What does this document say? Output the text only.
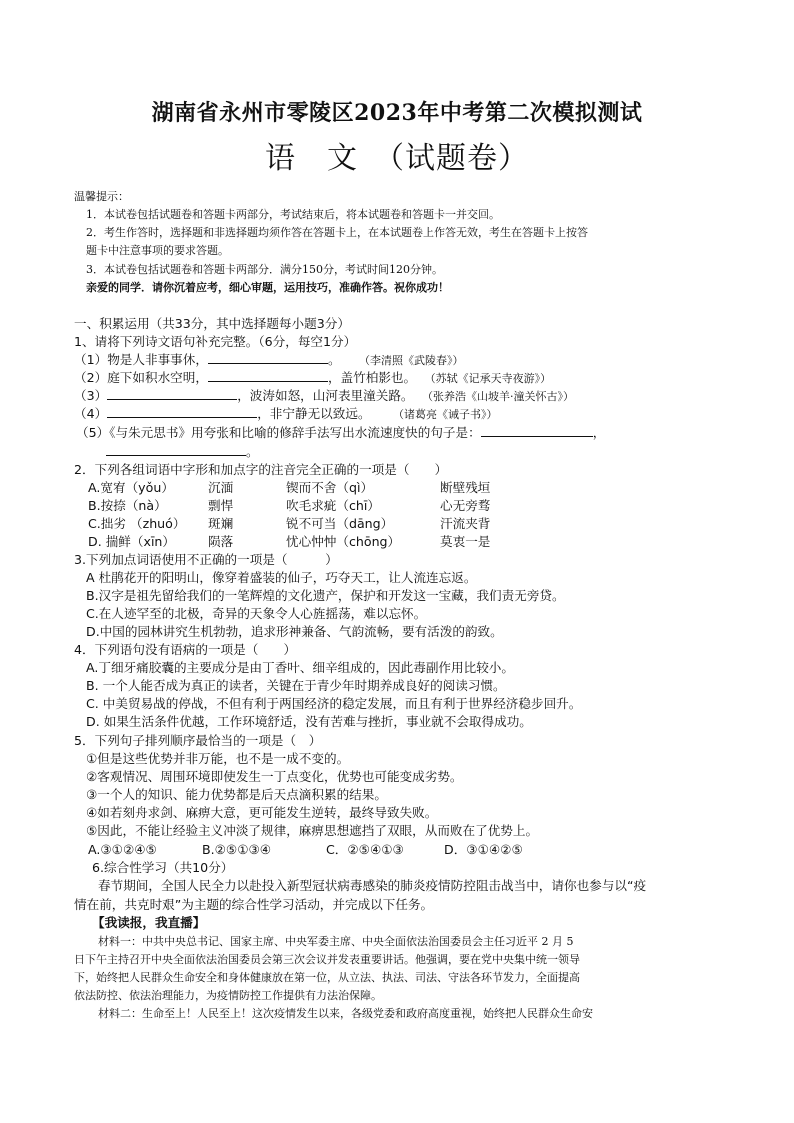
湖南省永州市零陵区2023年中考第二次模拟测试
语　文　（试题卷）
温馨提示：
1．本试卷包括试题卷和答题卡两部分，考试结束后，将本试题卷和答题卡一并交回。
2．考生作答时，选择题和非选择题均须作答在答题卡上，在本试题卷上作答无效，考生在答题卡上按答
题卡中注意事项的要求答题。
3．本试卷包括试题卷和答题卡两部分．满分150分，考试时间120分钟。
亲爱的同学．请你沉着应考，细心审题，运用技巧，准确作答。祝你成功！
一、积累运用（共33分，其中选择题每小题3分）
1、请将下列诗文语句补充完整。（6分，每空1分）
（1）物是人非事事休，	。 （李清照《武陵春》）
（2）庭下如积水空明，	，盖竹柏影也。 （苏轼《记承天寺夜游》）
（3）	，波涛如怒，山河表里潼关路。 （张养浩《山坡羊·潼关怀古》）
（4）	，非宁静无以致远。	（诸葛亮《诫子书》）
（5）《与朱元思书》用夸张和比喻的修辞手法写出水流速度快的句子是：	，
。
2．下列各组词语中字形和加点字的注音完全正确的一项是（　　）
A.宽宥（yǒu）	沉湎	锲而不舍（qì）	断壁残垣
B.按捺（nà）	剽悍	吹毛求疵（chī）	心无旁骛
C.拙劣 （zhuó） 斑斓	锐不可当（dāng）	汗流夹背
D. 揣鲜（xīn）	陨落	忧心忡忡（chōng）	莫衷一是
3.下列加点词语使用不正确的一项是（　　　）
A 杜鹃花开的阳明山，像穿着盛装的仙子，巧夺天工，让人流连忘返。
B.汉字是祖先留给我们的一笔辉煌的文化遗产，保护和开发这一宝藏，我们责无旁贷。
C.在人迹罕至的北极，奇异的天象令人心旌摇荡，难以忘怀。
D.中国的园林讲究生机勃勃，追求形神兼备、气韵流畅，要有活泼的韵致。
4．下列语句没有语病的一项是（　　）
A.丁细牙痛胶囊的主要成分是由丁香叶、细辛组成的，因此毒副作用比较小。
B. 一个人能否成为真正的读者，关键在于青少年时期养成良好的阅读习惯。
C. 中美贸易战的停战，不但有利于两国经济的稳定发展，而且有利于世界经济稳步回升。
D. 如果生活条件优越，工作环境舒适，没有苦难与挫折，事业就不会取得成功。
5．下列句子排列顺序最恰当的一项是（　）
①但是这些优势并非万能，也不是一成不变的。
②客观情况、周围环境即使发生一丁点变化，优势也可能变成劣势。
③一个人的知识、能力优势都是后天点滴积累的结果。
④如若刻舟求剑、麻痹大意，更可能发生逆转，最终导致失败。
⑤因此，不能让经验主义冲淡了规律，麻痹思想遮挡了双眼，从而败在了优势上。
A.③①②④⑤	B.②⑤①③④	C．②⑤④①③	D．③①④②⑤
6.综合性学习（共10分）
春节期间，全国人民全力以赴投入新型冠状病毒感染的肺炎疫情防控阻击战当中，请你也参与以“疫
情在前，共克时艰”为主题的综合性学习活动，并完成以下任务。
【我读报，我直播】
材料一：中共中央总书记、国家主席、中央军委主席、中央全面依法治国委员会主任习近平 2 月 5
日下午主持召开中央全面依法治国委员会第三次会议并发表重要讲话。他强调，要在党中央集中统一领导
下，始终把人民群众生命安全和身体健康放在第一位，从立法、执法、司法、守法各环节发力，全面提高
依法防控、依法治理能力，为疫情防控工作提供有力法治保障。
材料二：生命至上！人民至上！这次疫情发生以来，各级党委和政府高度重视，始终把人民群众生命安
